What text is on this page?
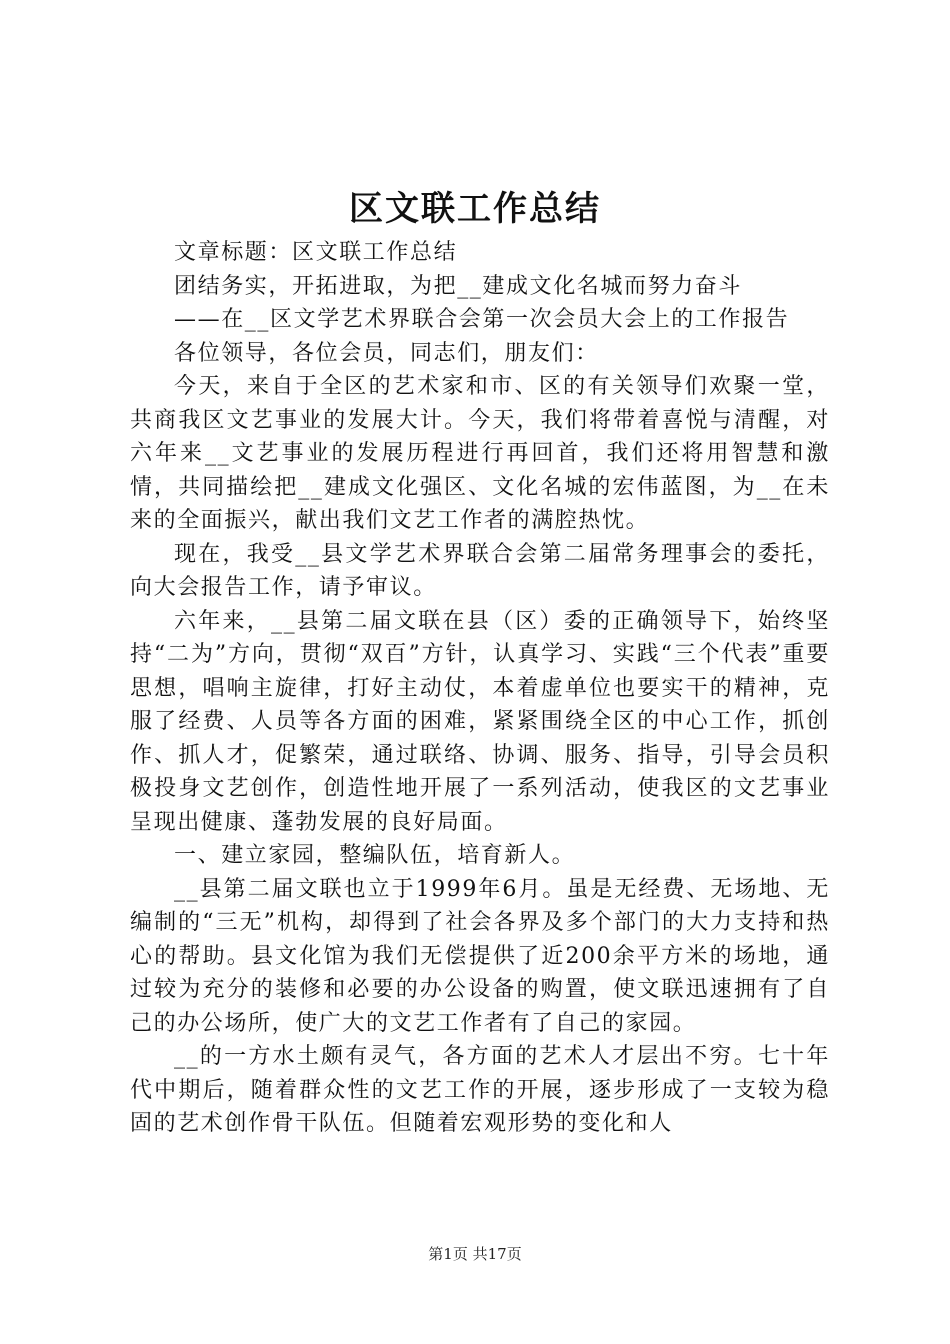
区文联工作总结

文章标题：区文联工作总结

团结务实，开拓进取，为把__建成文化名城而努力奋斗

——在__区文学艺术界联合会第一次会员大会上的工作报告

各位领导，各位会员，同志们，朋友们：

今天，来自于全区的艺术家和市、区的有关领导们欢聚一堂，共商我区文艺事业的发展大计。今天，我们将带着喜悦与清醒，对六年来__文艺事业的发展历程进行再回首，我们还将用智慧和激情，共同描绘把__建成文化强区、文化名城的宏伟蓝图，为__在未来的全面振兴，献出我们文艺工作者的满腔热忱。

现在，我受__县文学艺术界联合会第二届常务理事会的委托，向大会报告工作，请予审议。

六年来，__县第二届文联在县（区）委的正确领导下，始终坚持“二为”方向，贯彻“双百”方针，认真学习、实践“三个代表”重要思想，唱响主旋律，打好主动仗，本着虚单位也要实干的精神，克服了经费、人员等各方面的困难，紧紧围绕全区的中心工作，抓创作、抓人才，促繁荣，通过联络、协调、服务、指导，引导会员积极投身文艺创作，创造性地开展了一系列活动，使我区的文艺事业呈现出健康、蓬勃发展的良好局面。

一、建立家园，整编队伍，培育新人。

__县第二届文联也立于1999年6月。虽是无经费、无场地、无编制的“三无”机构，却得到了社会各界及多个部门的大力支持和热心的帮助。县文化馆为我们无偿提供了近200余平方米的场地，通过较为充分的装修和必要的办公设备的购置，使文联迅速拥有了自己的办公场所，使广大的文艺工作者有了自己的家园。

__的一方水土颇有灵气，各方面的艺术人才层出不穷。七十年代中期后，随着群众性的文艺工作的开展，逐步形成了一支较为稳固的艺术创作骨干队伍。但随着宏观形势的变化和人

第1页 共17页
